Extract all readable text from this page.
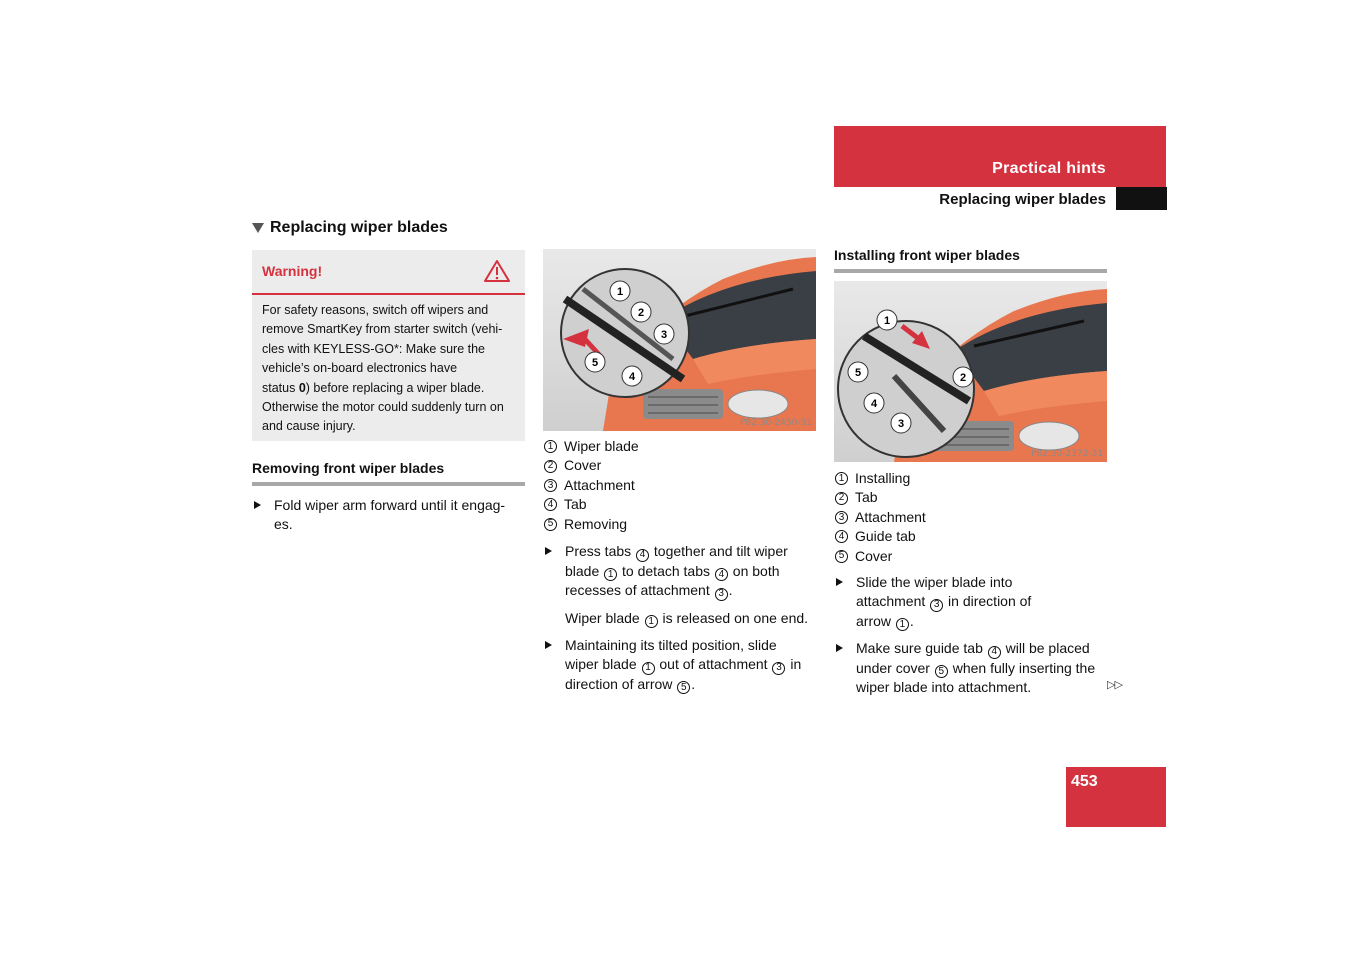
Practical hints
Replacing wiper blades
Replacing wiper blades
Warning!

For safety reasons, switch off wipers and

remove SmartKey from starter switch (vehi-

cles with KEYLESS-GO*: Make sure the

vehicle’s on-board electronics have

status 0) before replacing a wiper blade.

Otherwise the motor could suddenly turn on

and cause injury.

Removing front wiper blades
Fold wiper arm forward until it engag-
es.
1
2
3
4
5
P82.30-2450-31
1 Wiper blade
2 Cover
3 Attachment
4 Tab
5 Removing
Press tabs 4 together and tilt wiper
blade 1 to detach tabs 4 on both
recesses of attachment 3 .
Wiper blade 1 is released on one end.
Maintaining its tilted position, slide
wiper blade 1 out of attachment 3 in
direction of arrow 5 .
Installing front wiper blades
1
2
3
4
5
P82.30-2372-31
1 Installing
2 Tab
3 Attachment
4 Guide tab
5 Cover
Slide the wiper blade into
attachment 3 in direction of
arrow 1 .
Make sure guide tab 4 will be placed
under cover 5 when fully inserting the
wiper blade into attachment.	▷▷
453
